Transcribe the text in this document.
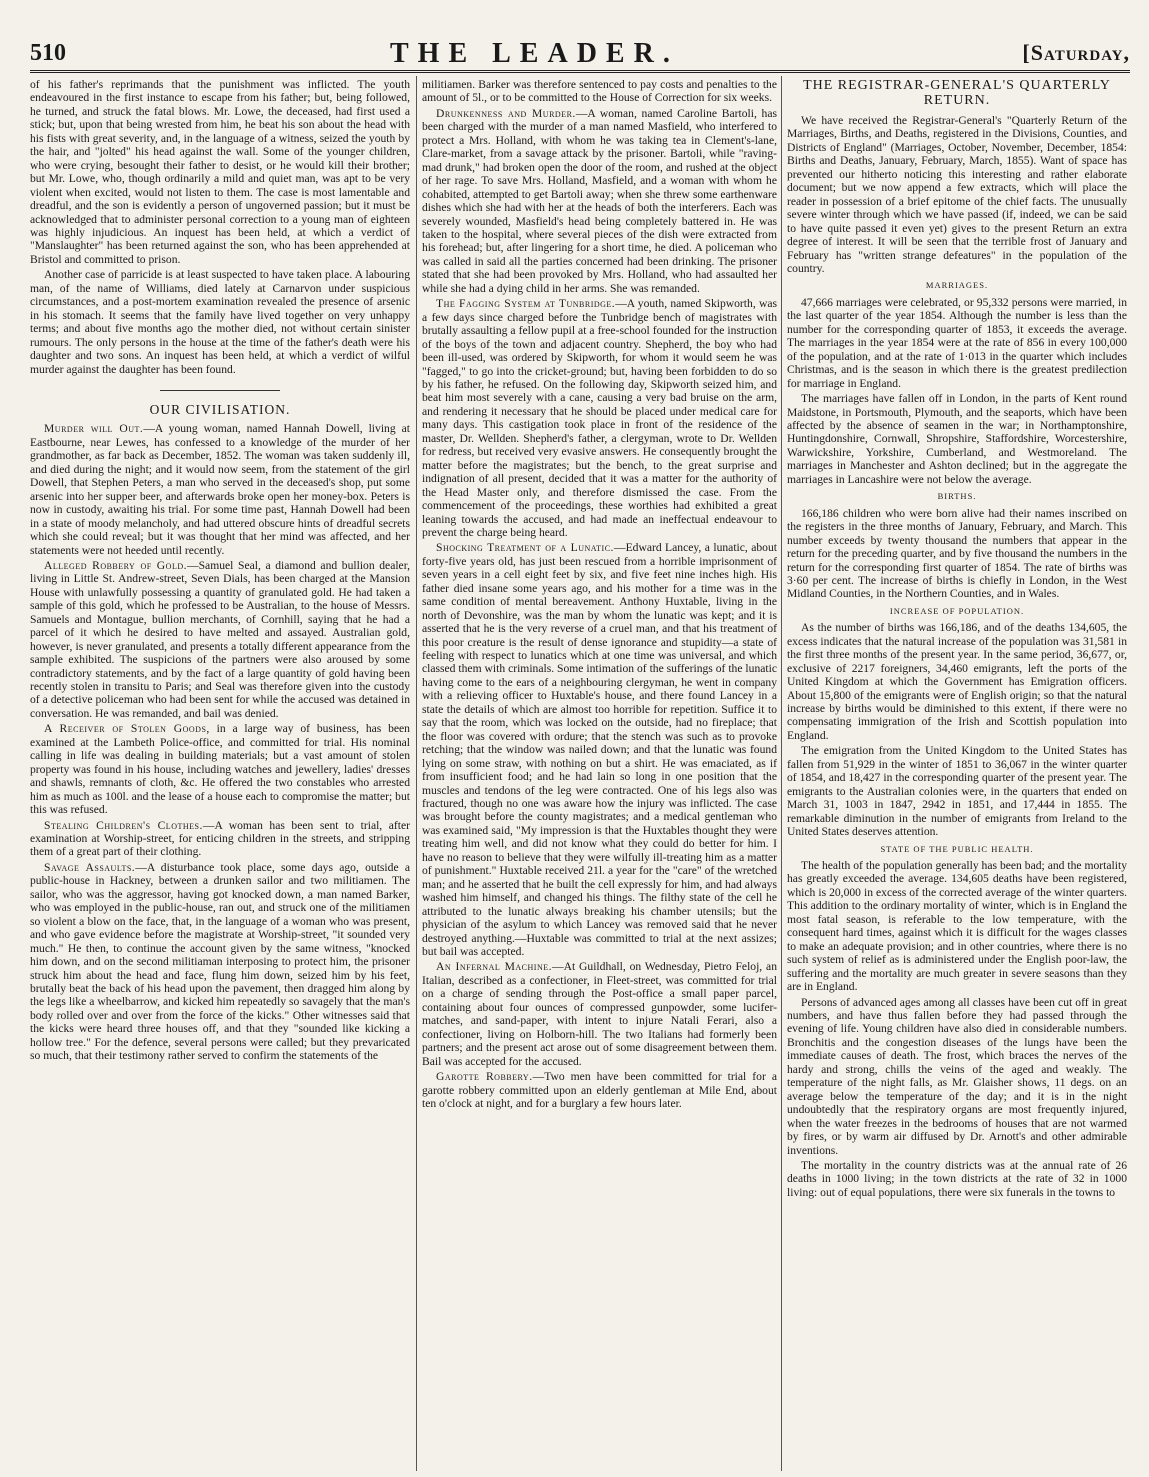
510	THE LEADER.	[Saturday,

of his father's reprimands that the punishment was inflicted. The youth endeavoured in the first instance to escape from his father; but, being followed, he turned, and struck the fatal blows. Mr. Lowe, the deceased, had first used a stick; but, upon that being wrested from him, he beat his son about the head with his fists with great severity, and, in the language of a witness, seized the youth by the hair, and "jolted" his head against the wall. Some of the younger children, who were crying, besought their father to desist, or he would kill their brother; but Mr. Lowe, who, though ordinarily a mild and quiet man, was apt to be very violent when excited, would not listen to them. The case is most lamentable and dreadful, and the son is evidently a person of ungoverned passion; but it must be acknowledged that to administer personal correction to a young man of eighteen was highly injudicious. An inquest has been held, at which a verdict of "Manslaughter" has been returned against the son, who has been apprehended at Bristol and committed to prison.

Another case of parricide is at least suspected to have taken place. A labouring man, of the name of Williams, died lately at Carnarvon under suspicious circumstances, and a post-mortem examination revealed the presence of arsenic in his stomach. It seems that the family have lived together on very unhappy terms; and about five months ago the mother died, not without certain sinister rumours. The only persons in the house at the time of the father's death were his daughter and two sons. An inquest has been held, at which a verdict of wilful murder against the daughter has been found.

OUR CIVILISATION.

Murder will Out.—A young woman, named Hannah Dowell, living at Eastbourne, near Lewes, has confessed to a knowledge of the murder of her grandmother, as far back as December, 1852. The woman was taken suddenly ill, and died during the night; and it would now seem, from the statement of the girl Dowell, that Stephen Peters, a man who served in the deceased's shop, put some arsenic into her supper beer, and afterwards broke open her money-box. Peters is now in custody, awaiting his trial. For some time past, Hannah Dowell had been in a state of moody melancholy, and had uttered obscure hints of dreadful secrets which she could reveal; but it was thought that her mind was affected, and her statements were not heeded until recently.

Alleged Robbery of Gold.—Samuel Seal, a diamond and bullion dealer, living in Little St. Andrew-street, Seven Dials, has been charged at the Mansion House with unlawfully possessing a quantity of granulated gold. He had taken a sample of this gold, which he professed to be Australian, to the house of Messrs. Samuels and Montague, bullion merchants, of Cornhill, saying that he had a parcel of it which he desired to have melted and assayed. Australian gold, however, is never granulated, and presents a totally different appearance from the sample exhibited. The suspicions of the partners were also aroused by some contradictory statements, and by the fact of a large quantity of gold having been recently stolen in transitu to Paris; and Seal was therefore given into the custody of a detective policeman who had been sent for while the accused was detained in conversation. He was remanded, and bail was denied.

A Receiver of Stolen Goods, in a large way of business, has been examined at the Lambeth Police-office, and committed for trial. His nominal calling in life was dealing in building materials; but a vast amount of stolen property was found in his house, including watches and jewellery, ladies' dresses and shawls, remnants of cloth, &c. He offered the two constables who arrested him as much as 100l. and the lease of a house each to compromise the matter; but this was refused.

Stealing Children's Clothes.—A woman has been sent to trial, after examination at Worship-street, for enticing children in the streets, and stripping them of a great part of their clothing.

Savage Assaults.—A disturbance took place, some days ago, outside a public-house in Hackney, between a drunken sailor and two militiamen. The sailor, who was the aggressor, having got knocked down, a man named Barker, who was employed in the public-house, ran out, and struck one of the militiamen so violent a blow on the face, that, in the language of a woman who was present, and who gave evidence before the magistrate at Worship-street, "it sounded very much." He then, to continue the account given by the same witness, "knocked him down, and on the second militiaman interposing to protect him, the prisoner struck him about the head and face, flung him down, seized him by his feet, brutally beat the back of his head upon the pavement, then dragged him along by the legs like a wheelbarrow, and kicked him repeatedly so savagely that the man's body rolled over and over from the force of the kicks." Other witnesses said that the kicks were heard three houses off, and that they "sounded like kicking a hollow tree." For the defence, several persons were called; but they prevaricated so much, that their testimony rather served to confirm the statements of the

militiamen. Barker was therefore sentenced to pay costs and penalties to the amount of 5l., or to be committed to the House of Correction for six weeks.

Drunkenness and Murder.—A woman, named Caroline Bartoli, has been charged with the murder of a man named Masfield, who interfered to protect a Mrs. Holland, with whom he was taking tea in Clement's-lane, Clare-market, from a savage attack by the prisoner. Bartoli, while "raving-mad drunk," had broken open the door of the room, and rushed at the object of her rage. To save Mrs. Holland, Masfield, and a woman with whom he cohabited, attempted to get Bartoli away; when she threw some earthenware dishes which she had with her at the heads of both the interferers. Each was severely wounded, Masfield's head being completely battered in. He was taken to the hospital, where several pieces of the dish were extracted from his forehead; but, after lingering for a short time, he died. A policeman who was called in said all the parties concerned had been drinking. The prisoner stated that she had been provoked by Mrs. Holland, who had assaulted her while she had a dying child in her arms. She was remanded.

The Fagging System at Tunbridge.—A youth, named Skipworth, was a few days since charged before the Tunbridge bench of magistrates with brutally assaulting a fellow pupil at a free-school founded for the instruction of the boys of the town and adjacent country. Shepherd, the boy who had been ill-used, was ordered by Skipworth, for whom it would seem he was "fagged," to go into the cricket-ground; but, having been forbidden to do so by his father, he refused. On the following day, Skipworth seized him, and beat him most severely with a cane, causing a very bad bruise on the arm, and rendering it necessary that he should be placed under medical care for many days. This castigation took place in front of the residence of the master, Dr. Wellden. Shepherd's father, a clergyman, wrote to Dr. Wellden for redress, but received very evasive answers. He consequently brought the matter before the magistrates; but the bench, to the great surprise and indignation of all present, decided that it was a matter for the authority of the Head Master only, and therefore dismissed the case. From the commencement of the proceedings, these worthies had exhibited a great leaning towards the accused, and had made an ineffectual endeavour to prevent the charge being heard.

Shocking Treatment of a Lunatic.—Edward Lancey, a lunatic, about forty-five years old, has just been rescued from a horrible imprisonment of seven years in a cell eight feet by six, and five feet nine inches high. His father died insane some years ago, and his mother for a time was in the same condition of mental bereavement. Anthony Huxtable, living in the north of Devonshire, was the man by whom the lunatic was kept; and it is asserted that he is the very reverse of a cruel man, and that his treatment of this poor creature is the result of dense ignorance and stupidity—a state of feeling with respect to lunatics which at one time was universal, and which classed them with criminals. Some intimation of the sufferings of the lunatic having come to the ears of a neighbouring clergyman, he went in company with a relieving officer to Huxtable's house, and there found Lancey in a state the details of which are almost too horrible for repetition. Suffice it to say that the room, which was locked on the outside, had no fireplace; that the floor was covered with ordure; that the stench was such as to provoke retching; that the window was nailed down; and that the lunatic was found lying on some straw, with nothing on but a shirt. He was emaciated, as if from insufficient food; and he had lain so long in one position that the muscles and tendons of the leg were contracted. One of his legs also was fractured, though no one was aware how the injury was inflicted. The case was brought before the county magistrates; and a medical gentleman who was examined said, "My impression is that the Huxtables thought they were treating him well, and did not know what they could do better for him. I have no reason to believe that they were wilfully ill-treating him as a matter of punishment." Huxtable received 21l. a year for the "care" of the wretched man; and he asserted that he built the cell expressly for him, and had always washed him himself, and changed his things. The filthy state of the cell he attributed to the lunatic always breaking his chamber utensils; but the physician of the asylum to which Lancey was removed said that he never destroyed anything.—Huxtable was committed to trial at the next assizes; but bail was accepted.

An Infernal Machine.—At Guildhall, on Wednesday, Pietro Feloj, an Italian, described as a confectioner, in Fleet-street, was committed for trial on a charge of sending through the Post-office a small paper parcel, containing about four ounces of compressed gunpowder, some lucifer-matches, and sand-paper, with intent to injure Natali Ferari, also a confectioner, living on Holborn-hill. The two Italians had formerly been partners; and the present act arose out of some disagreement between them. Bail was accepted for the accused.

Garotte Robbery.—Two men have been committed for trial for a garotte robbery committed upon an elderly gentleman at Mile End, about ten o'clock at night, and for a burglary a few hours later.

THE REGISTRAR-GENERAL'S QUARTERLY RETURN.

We have received the Registrar-General's "Quarterly Return of the Marriages, Births, and Deaths, registered in the Divisions, Counties, and Districts of England" (Marriages, October, November, December, 1854: Births and Deaths, January, February, March, 1855). Want of space has prevented our hitherto noticing this interesting and rather elaborate document; but we now append a few extracts, which will place the reader in possession of a brief epitome of the chief facts. The unusually severe winter through which we have passed (if, indeed, we can be said to have quite passed it even yet) gives to the present Return an extra degree of interest. It will be seen that the terrible frost of January and February has "written strange defeatures" in the population of the country.

MARRIAGES.

47,666 marriages were celebrated, or 95,332 persons were married, in the last quarter of the year 1854. Although the number is less than the number for the corresponding quarter of 1853, it exceeds the average. The marriages in the year 1854 were at the rate of 856 in every 100,000 of the population, and at the rate of 1·013 in the quarter which includes Christmas, and is the season in which there is the greatest predilection for marriage in England.

The marriages have fallen off in London, in the parts of Kent round Maidstone, in Portsmouth, Plymouth, and the seaports, which have been affected by the absence of seamen in the war; in Northamptonshire, Huntingdonshire, Cornwall, Shropshire, Staffordshire, Worcestershire, Warwickshire, Yorkshire, Cumberland, and Westmoreland. The marriages in Manchester and Ashton declined; but in the aggregate the marriages in Lancashire were not below the average.

BIRTHS.

166,186 children who were born alive had their names inscribed on the registers in the three months of January, February, and March. This number exceeds by twenty thousand the numbers that appear in the return for the preceding quarter, and by five thousand the numbers in the return for the corresponding first quarter of 1854. The rate of births was 3·60 per cent. The increase of births is chiefly in London, in the West Midland Counties, in the Northern Counties, and in Wales.

INCREASE OF POPULATION.

As the number of births was 166,186, and of the deaths 134,605, the excess indicates that the natural increase of the population was 31,581 in the first three months of the present year. In the same period, 36,677, or, exclusive of 2217 foreigners, 34,460 emigrants, left the ports of the United Kingdom at which the Government has Emigration officers. About 15,800 of the emigrants were of English origin; so that the natural increase by births would be diminished to this extent, if there were no compensating immigration of the Irish and Scottish population into England.

The emigration from the United Kingdom to the United States has fallen from 51,929 in the winter of 1851 to 36,067 in the winter quarter of 1854, and 18,427 in the corresponding quarter of the present year. The emigrants to the Australian colonies were, in the quarters that ended on March 31, 1003 in 1847, 2942 in 1851, and 17,444 in 1855. The remarkable diminution in the number of emigrants from Ireland to the United States deserves attention.

STATE OF THE PUBLIC HEALTH.

The health of the population generally has been bad; and the mortality has greatly exceeded the average. 134,605 deaths have been registered, which is 20,000 in excess of the corrected average of the winter quarters. This addition to the ordinary mortality of winter, which is in England the most fatal season, is referable to the low temperature, with the consequent hard times, against which it is difficult for the wages classes to make an adequate provision; and in other countries, where there is no such system of relief as is administered under the English poor-law, the suffering and the mortality are much greater in severe seasons than they are in England.

Persons of advanced ages among all classes have been cut off in great numbers, and have thus fallen before they had passed through the evening of life. Young children have also died in considerable numbers. Bronchitis and the congestion diseases of the lungs have been the immediate causes of death. The frost, which braces the nerves of the hardy and strong, chills the veins of the aged and weakly. The temperature of the night falls, as Mr. Glaisher shows, 11 degs. on an average below the temperature of the day; and it is in the night undoubtedly that the respiratory organs are most frequently injured, when the water freezes in the bedrooms of houses that are not warmed by fires, or by warm air diffused by Dr. Arnott's and other admirable inventions.

The mortality in the country districts was at the annual rate of 26 deaths in 1000 living; in the town districts at the rate of 32 in 1000 living: out of equal populations, there were six funerals in the towns to
